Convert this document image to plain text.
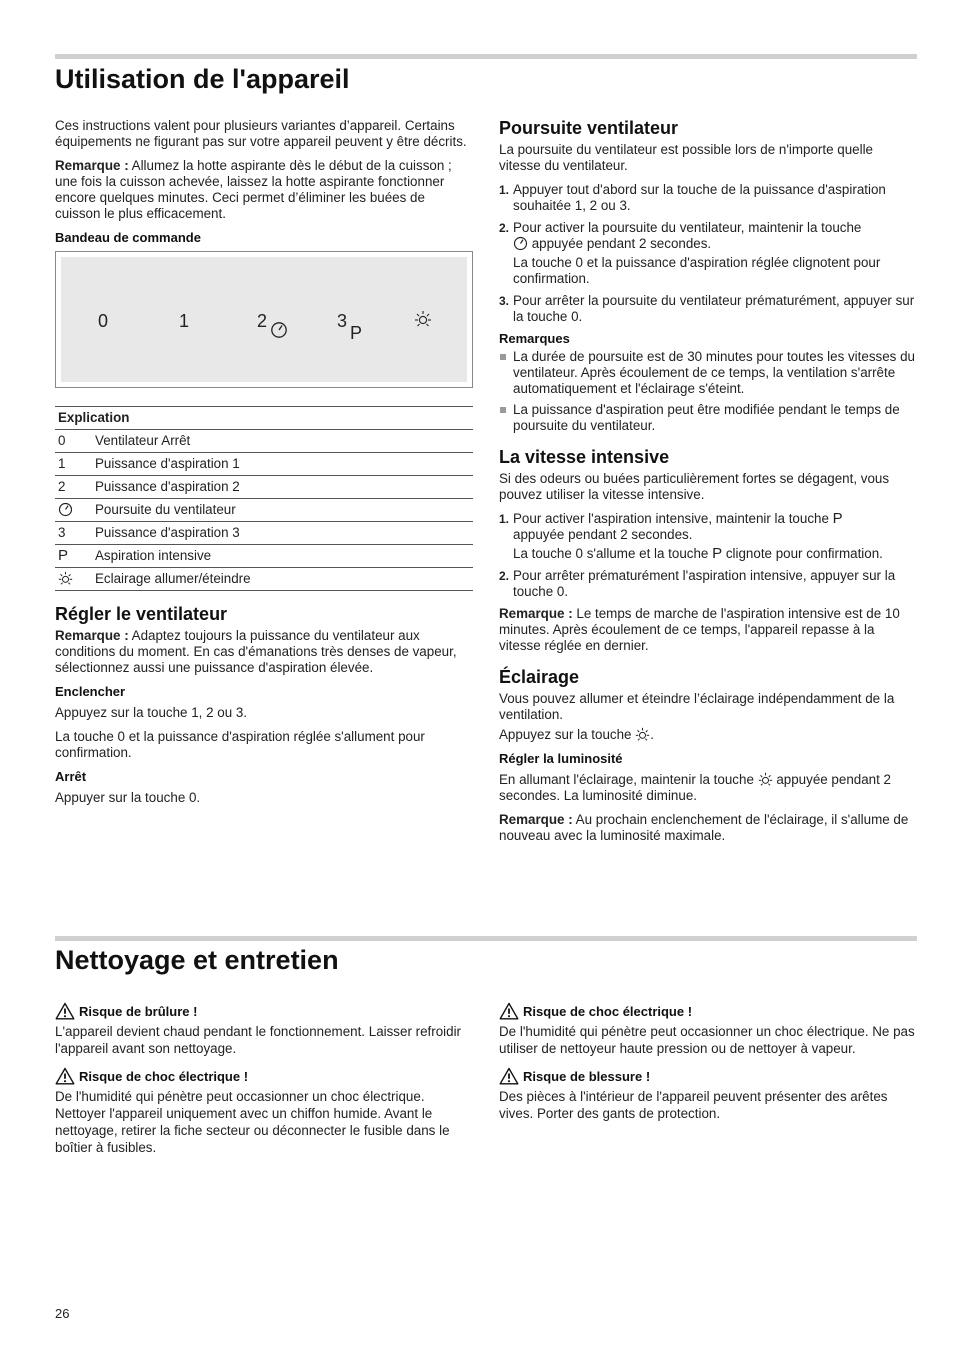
Utilisation de l'appareil

Ces instructions valent pour plusieurs variantes d’appareil. Certains équipements ne figurant pas sur votre appareil peuvent y être décrits.

Remarque : Allumez la hotte aspirante dès le début de la cuisson ; une fois la cuisson achevée, laissez la hotte aspirante fonctionner encore quelques minutes. Ceci permet d’éliminer les buées de cuisson le plus efficacement.

Bandeau de commande
0	1	2	3
P
Explication	
0	Ventilateur Arrêt
1	Puissance d'aspiration 1
2	Puissance d'aspiration 2
	Poursuite du ventilateur
3	Puissance d'aspiration 3
P	Aspiration intensive
	Eclairage allumer/éteindre
Régler le ventilateur

Remarque : Adaptez toujours la puissance du ventilateur aux conditions du moment. En cas d'émanations très denses de vapeur, sélectionnez aussi une puissance d'aspiration élevée.

Enclencher

Appuyez sur la touche 1, 2 ou 3.

La touche 0 et la puissance d'aspiration réglée s'allument pour confirmation.

Arrêt

Appuyer sur la touche 0.

Poursuite ventilateur

La poursuite du ventilateur est possible lors de n'importe quelle vitesse du ventilateur.

1. Appuyer tout d'abord sur la touche de la puissance d'aspiration souhaitée 1, 2 ou 3.
2. Pour activer la poursuite du ventilateur, maintenir la touche
appuyée pendant 2 secondes.
La touche 0 et la puissance d'aspiration réglée clignotent pour confirmation.
3. Pour arrêter la poursuite du ventilateur prématurément, appuyer sur la touche 0.
Remarques
La durée de poursuite est de 30 minutes pour toutes les vitesses du ventilateur. Après écoulement de ce temps, la ventilation s'arrête automatiquement et l'éclairage s'éteint.
La puissance d'aspiration peut être modifiée pendant le temps de poursuite du ventilateur.
La vitesse intensive

Si des odeurs ou buées particulièrement fortes se dégagent, vous pouvez utiliser la vitesse intensive.

1. Pour activer l'aspiration intensive, maintenir la touche P
appuyée pendant 2 secondes.
La touche 0 s'allume et la touche P clignote pour confirmation.
2. Pour arrêter prématurément l'aspiration intensive, appuyer sur la touche 0.

Remarque : Le temps de marche de l'aspiration intensive est de 10 minutes. Après écoulement de ce temps, l'appareil repasse à la vitesse réglée en dernier.

Éclairage

Vous pouvez allumer et éteindre l’éclairage indépendamment de la ventilation.

Appuyez sur la touche .

Régler la luminosité

En allumant l'éclairage, maintenir la touche  appuyée pendant 2 secondes. La luminosité diminue.

Remarque : Au prochain enclenchement de l'éclairage, il s'allume de nouveau avec la luminosité maximale.

Nettoyage et entretien
Risque de brûlure !

L'appareil devient chaud pendant le fonctionnement. Laisser refroidir l'appareil avant son nettoyage.

Risque de choc électrique !

De l'humidité qui pénètre peut occasionner un choc électrique. Nettoyer l'appareil uniquement avec un chiffon humide. Avant le nettoyage, retirer la fiche secteur ou déconnecter le fusible dans le boîtier à fusibles.

Risque de choc électrique !

De l'humidité qui pénètre peut occasionner un choc électrique. Ne pas utiliser de nettoyeur haute pression ou de nettoyer à vapeur.

Risque de blessure !

Des pièces à l'intérieur de l'appareil peuvent présenter des arêtes vives. Porter des gants de protection.

26
